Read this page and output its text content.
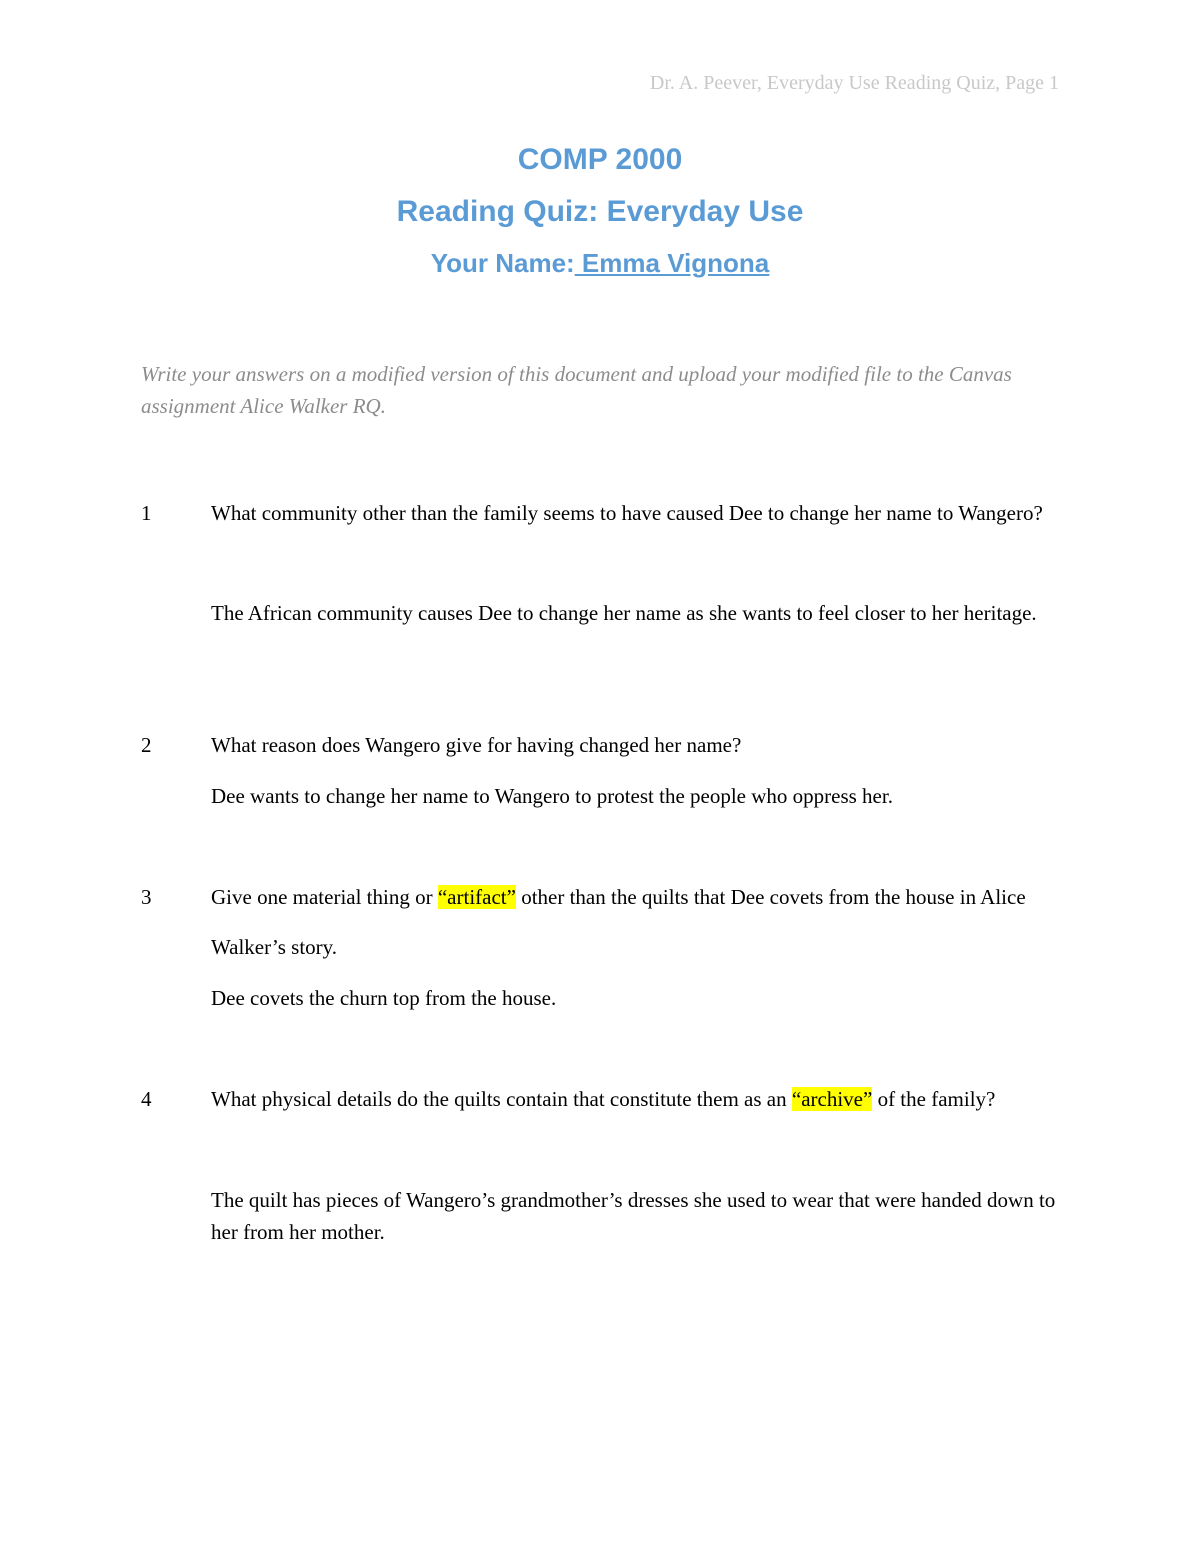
Dr. A. Peever, Everyday Use Reading Quiz, Page 1
COMP 2000
Reading Quiz: Everyday Use
Your Name: Emma Vignona
Write your answers on a modified version of this document and upload your modified file to the Canvas assignment Alice Walker RQ.
1	What community other than the family seems to have caused Dee to change her name to Wangero?
The African community causes Dee to change her name as she wants to feel closer to her heritage.
2	What reason does Wangero give for having changed her name?
Dee wants to change her name to Wangero to protest the people who oppress her.
3	Give one material thing or “artifact” other than the quilts that Dee covets from the house in Alice Walker’s story.
Dee covets the churn top from the house.
4	What physical details do the quilts contain that constitute them as an “archive” of the family?
The quilt has pieces of Wangero’s grandmother’s dresses she used to wear that were handed down to her from her mother.
